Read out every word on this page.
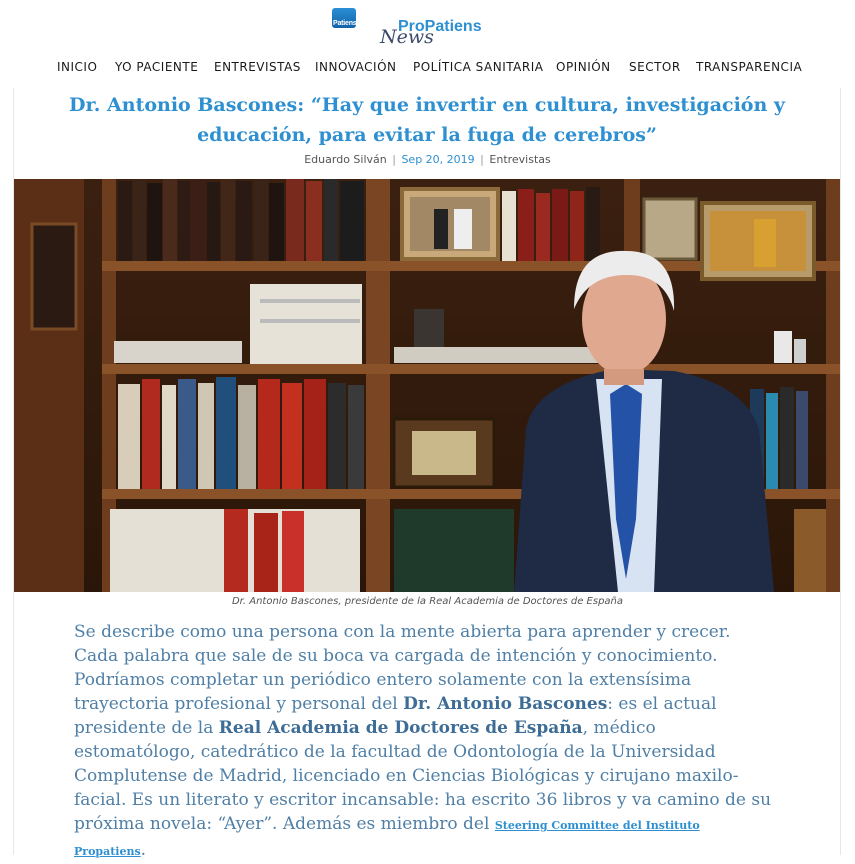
Patiens
News
ProPatiens
INICIO YO PACIENTE ENTREVISTAS INNOVACIÓN POLÍTICA SANITARIA OPINIÓN SECTOR TRANSPARENCIA
Dr. Antonio Bascones: “Hay que invertir en cultura, investigación y
educación, para evitar la fuga de cerebros”
Eduardo Silván | Sep 20, 2019 | Entrevistas
Dr. Antonio Bascones, presidente de la Real Academia de Doctores de España

Se describe como una persona con la mente abierta para aprender y crecer. Cada palabra que sale de su boca va cargada de intención y conocimiento. Podríamos completar un periódico entero solamente con la extensísima trayectoria profesional y personal del Dr. Antonio Bascones: es el actual presidente de la Real Academia de Doctores de España, médico estomatólogo, catedrático de la facultad de Odontología de la Universidad Complutense de Madrid, licenciado en Ciencias Biológicas y cirujano maxilo-facial. Es un literato y escritor incansable: ha escrito 36 libros y va camino de su próxima novela: “Ayer”. Además es miembro del Steering Committee del Instituto Propatiens.
